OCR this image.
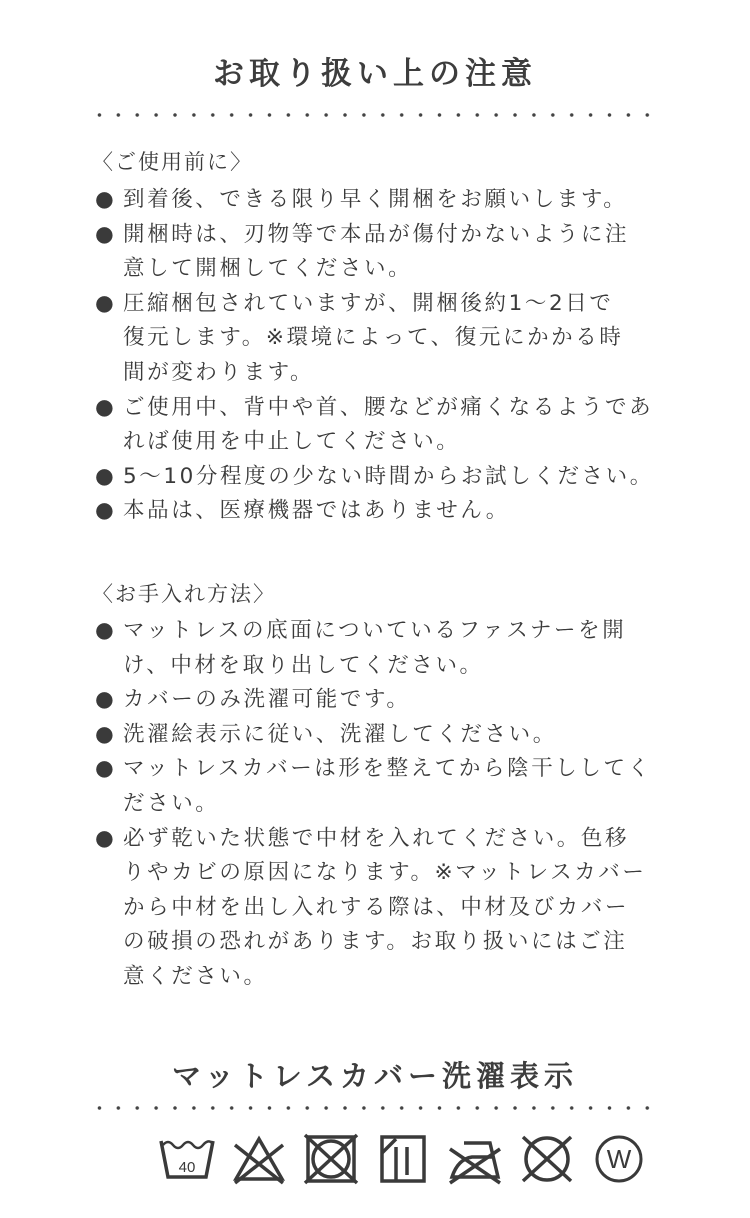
お取り扱い上の注意
〈ご使用前に〉
● 到着後、できる限り早く開梱をお願いします。
● 開梱時は、刃物等で本品が傷付かないように注
意して開梱してください。
● 圧縮梱包されていますが、開梱後約1～2日で
復元します。※環境によって、復元にかかる時
間が変わります。
● ご使用中、背中や首、腰などが痛くなるようであ
れば使用を中止してください。
● 5～10分程度の少ない時間からお試しください。
● 本品は、医療機器ではありません。
〈お手入れ方法〉
● マットレスの底面についているファスナーを開
け、中材を取り出してください。
● カバーのみ洗濯可能です。
● 洗濯絵表示に従い、洗濯してください。
● マットレスカバーは形を整えてから陰干ししてく
ださい。
● 必ず乾いた状態で中材を入れてください。色移
りやカビの原因になります。※マットレスカバー
から中材を出し入れする際は、中材及びカバー
の破損の恐れがあります。お取り扱いにはご注
意ください。
マットレスカバー洗濯表示
40	W
